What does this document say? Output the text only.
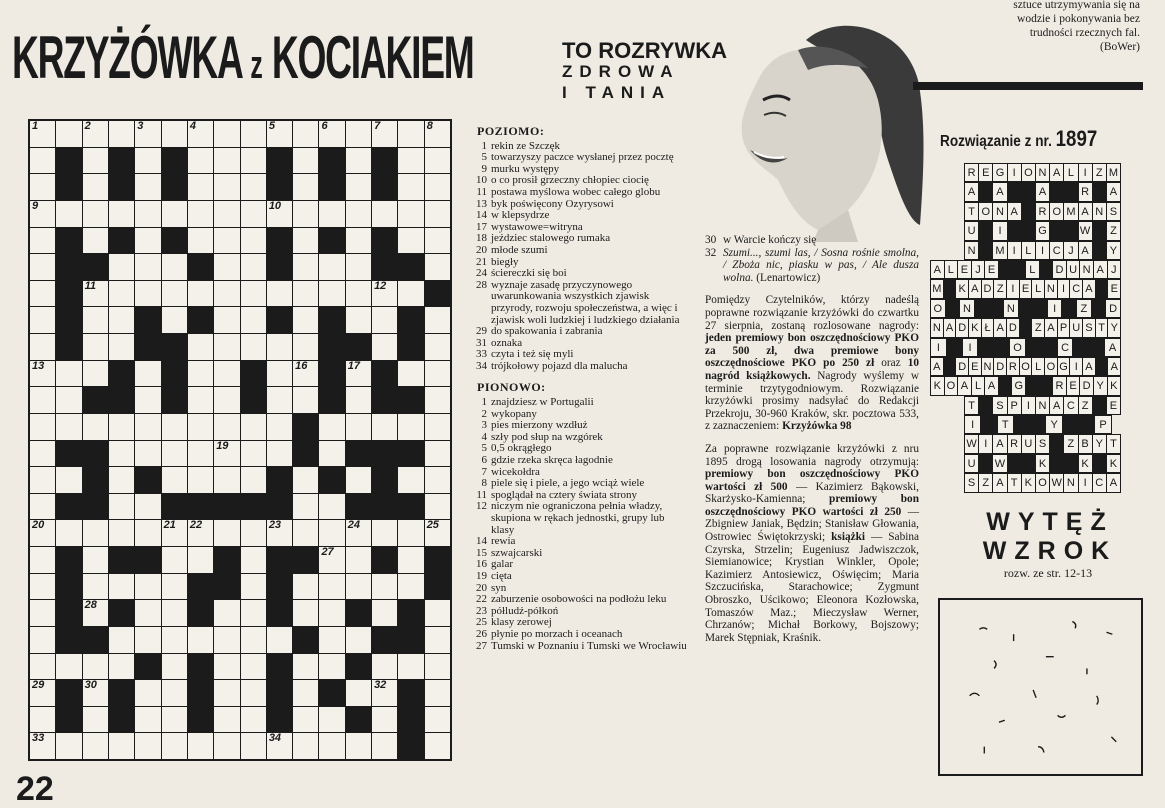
KRZYŻÓWKA z KOCIAKIEM	TO ROZRYWKA
ZDROWA
I TANIA
1	2	3	4	5	6	7	8
9	10
11	12
13	16	17
19
20	21 22	23	24	25
27
28
29	30	32
33	34
POZIOMO:
1 rekin ze Szczęk
5 towarzyszy paczce wysłanej przez pocztę
9 murku występy
10 o co prosił grzeczny chłopiec ciocię
11 postawa myślowa wobec całego globu
13 byk poświęcony Ozyrysowi
14 w klepsydrze
17 wystawowe=witryna
18 jeździec stalowego rumaka
20 młode szumi
21 biegły
24 ściereczki się boi
28 wyznaje zasadę przyczynowego uwarunkowania wszystkich zjawisk przyrody, rozwoju społeczeństwa, a więc i zjawisk woli ludzkiej i ludzkiego działania
29 do spakowania i zabrania
31 oznaka
33 czyta i też się myli
34 trójkołowy pojazd dla malucha
PIONOWO:
1 znajdziesz w Portugalii
2 wykopany
3 pies mierzony wzdłuż
4 szły pod słup na wzgórek
5 0,5 okrągłego
6 gdzie rzeka skręca łagodnie
7 wicekołdra
8 piele się i piele, a jego wciąż wiele
11 spoglądał na cztery świata strony
12 niczym nie ograniczona pełnia władzy, skupiona w rękach jednostki, grupy lub klasy
14 rewia
15 szwajcarski
16 galar
19 cięta
20 syn
22 zaburzenie osobowości na podłożu leku
23 półludź-półkoń
25 klasy zerowej
26 płynie po morzach i oceanach
27 Tumski w Poznaniu i Tumski we Wrocławiu
30 w Warcie kończy się
32 Szumi..., szumi las, / Sosna rośnie smolna, / Zboża nic, piasku w pas, / Ale dusza wolna. (Lenartowicz)

Pomiędzy Czytelników, którzy nadeślą poprawne rozwiązanie krzyżówki do czwartku 27 sierpnia, zostaną rozlosowane nagrody: jeden premiowy bon oszczędnościowy PKO za 500 zł, dwa premiowe bony oszczędnościowe PKO po 250 zł oraz 10 nagród książkowych. Nagrody wyślemy w terminie trzytygodniowym. Rozwiązanie krzyżówki prosimy nadsyłać do Redakcji Przekroju, 30-960 Kraków, skr. pocztowa 533, z zaznaczeniem: Krzyżówka 98

Za poprawne rozwiązanie krzyżówki z nru 1895 drogą losowania nagrody otrzymują: premiowy bon oszczędnościowy PKO wartości zł 500 — Kazimierz Bąkowski, Skarżysko-Kamienna; premiowy bon oszczędnościowy PKO wartości zł 250 — Zbigniew Janiak, Będzin; Stanisław Głowania, Ostrowiec Świętokrzyski; książki — Sabina Czyrska, Strzelin; Eugeniusz Jadwiszczok, Siemianowice; Krystian Winkler, Opole; Kazimierz Antosiewicz, Oświęcim; Maria Szczucińska, Starachowice; Zygmunt Obroszko, Uścikowo; Eleonora Kozłowska, Tomaszów Maz.; Mieczysław Werner, Chrzanów; Michał Borkowy, Bojszowy; Marek Stępniak, Kraśnik.

sztuce utrzymywania się na
wodzie i pokonywania bez
trudności rzecznych fal.
(BoWer)
Rozwiązanie z nr. 1897
R E G I O N A L I Z M
A	A	A	R	A
T O N A	R O M A N S
U	I	G	W	Z
N	M I L I C J A	Y
A L E J E	L	D U N A J
M K A D Z I E L N I C A E
O	N	N	I	Z	D
N A D K Ł A D	Z A P U S T Y
I	I	O	C	A
A D E N D R O L O G I A A
K O A L A	G	R E D Y K
T	S P I N A C Z	E
I	T	Y	P
W I A R U S	Z B Y T
U	W	K	K	K
S Z A T K O W N I C A
WYTĘŻ
WZROK
rozw. ze str. 12-13
22
